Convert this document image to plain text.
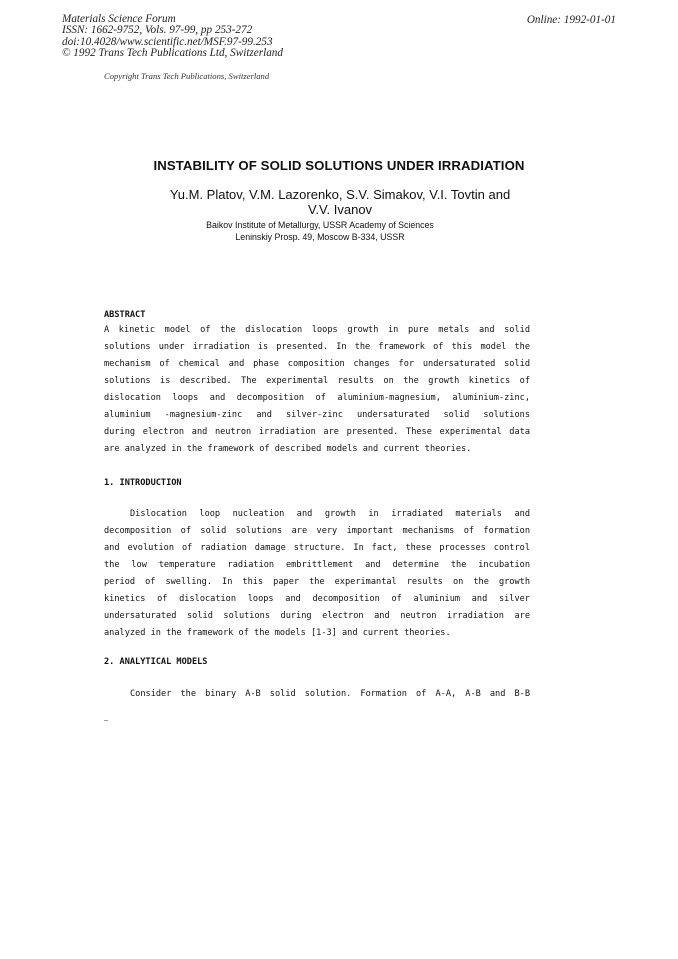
Materials Science Forum
ISSN: 1662-9752, Vols. 97-99, pp 253-272
doi:10.4028/www.scientific.net/MSF.97-99.253
© 1992 Trans Tech Publications Ltd, Switzerland
Online: 1992-01-01
Copyright Trans Tech Publications, Switzerland
INSTABILITY OF SOLID SOLUTIONS UNDER IRRADIATION
Yu.M. Platov, V.M. Lazorenko, S.V. Simakov, V.I. Tovtin and
V.V. Ivanov
Baikov Institute of Metallurgy, USSR Academy of Sciences
Leninskiy Prosp. 49, Moscow B-334, USSR
ABSTRACT
A kinetic model of the dislocation loops growth in pure metals and solid
solutions under irradiation is presented. In the framework of this model the
mechanism of chemical and phase composition changes for undersaturated solid
solutions is described. The experimental results on the growth kinetics of
dislocation loops and decomposition of aluminium-magnesium, aluminium-zinc,
aluminium -magnesium-zinc and silver-zinc undersaturated solid solutions
during electron and neutron irradiation are presented. These experimental data
are analyzed in the framework of described models and current theories.
1. INTRODUCTION
Dislocation loop nucleation and growth in irradiated materials and
decomposition of solid solutions are very important mechanisms of formation
and evolution of radiation damage structure. In fact, these processes control
the low temperature radiation embrittlement and determine the incubation
period of swelling. In this paper the experimantal results on the growth
kinetics of dislocation loops and decomposition of aluminium and silver
undersaturated solid solutions during electron and neutron irradiation are
analyzed in the framework of the models [1-3] and current theories.
2. ANALYTICAL MODELS
Consider the binary A-B solid solution. Formation of A-A, A-B and B-B
